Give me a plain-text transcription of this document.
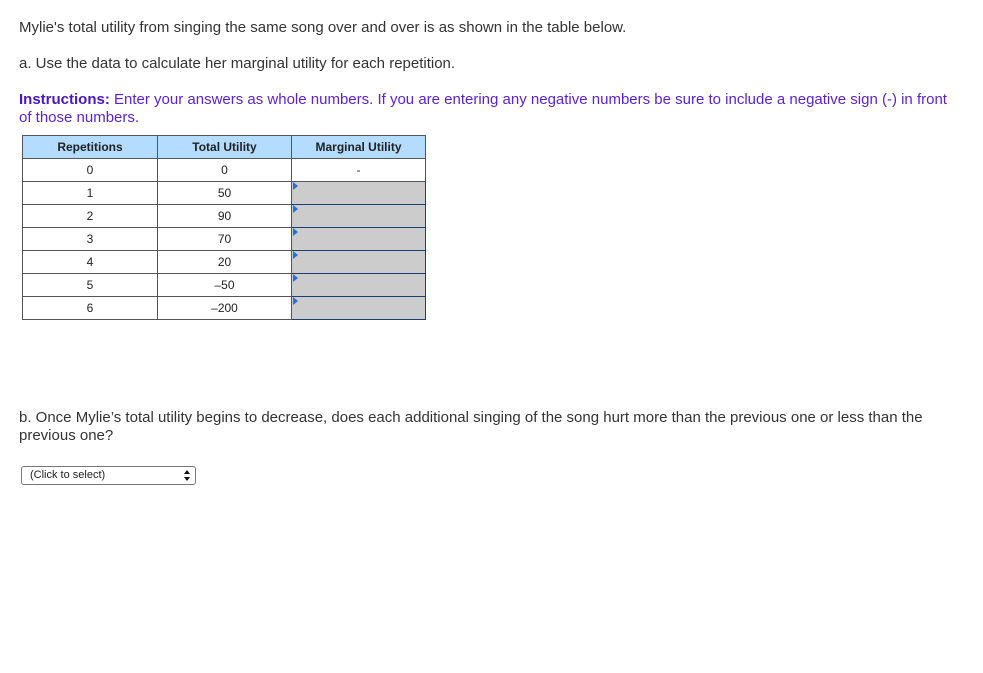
Mylie's total utility from singing the same song over and over is as shown in the table below.

a. Use the data to calculate her marginal utility for each repetition.

Instructions: Enter your answers as whole numbers. If you are entering any negative numbers be sure to include a negative sign (-) in front of those numbers.

Repetitions	Total Utility	Marginal Utility
0	0	-
1	50	

2	90	

3	70	

4	20	

5	–50	

6	–200	

b. Once Mylie’s total utility begins to decrease, does each additional singing of the song hurt more than the previous one or less than the previous one?

(Click to select)
